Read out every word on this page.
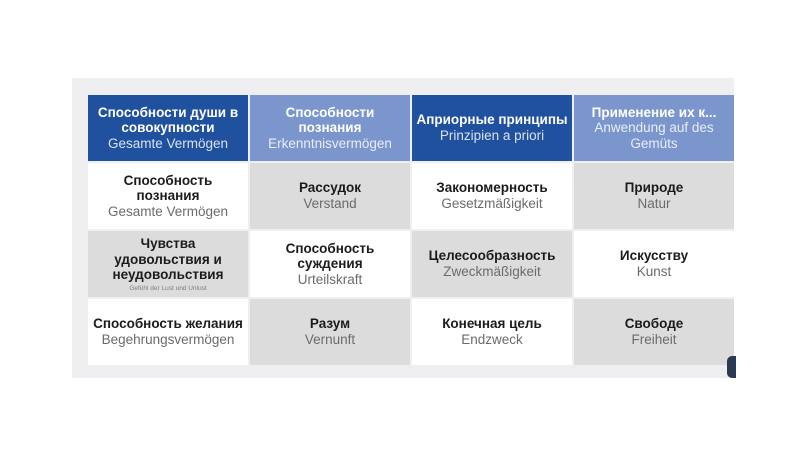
Способности души в совокупности
Gesamte Vermögen
Способности познания
Erkenntnisvermögen
Априорные принципы
Prinzipien a priori
Применение их к...
Anwendung auf des Gemüts
Способность познания
Gesamte Vermögen
Рассудок
Verstand
Закономерность
Gesetzmäßigkeit
Природе
Natur
Чувства удовольствия и неудовольствия
Gefühl der Lust und Unlust
Способность суждения
Urteilskraft
Целесообразность
Zweckmäßigkeit
Искусству
Kunst
Способность желания
Begehrungsvermögen
Разум
Vernunft
Конечная цель
Endzweck
Свободе
Freiheit
